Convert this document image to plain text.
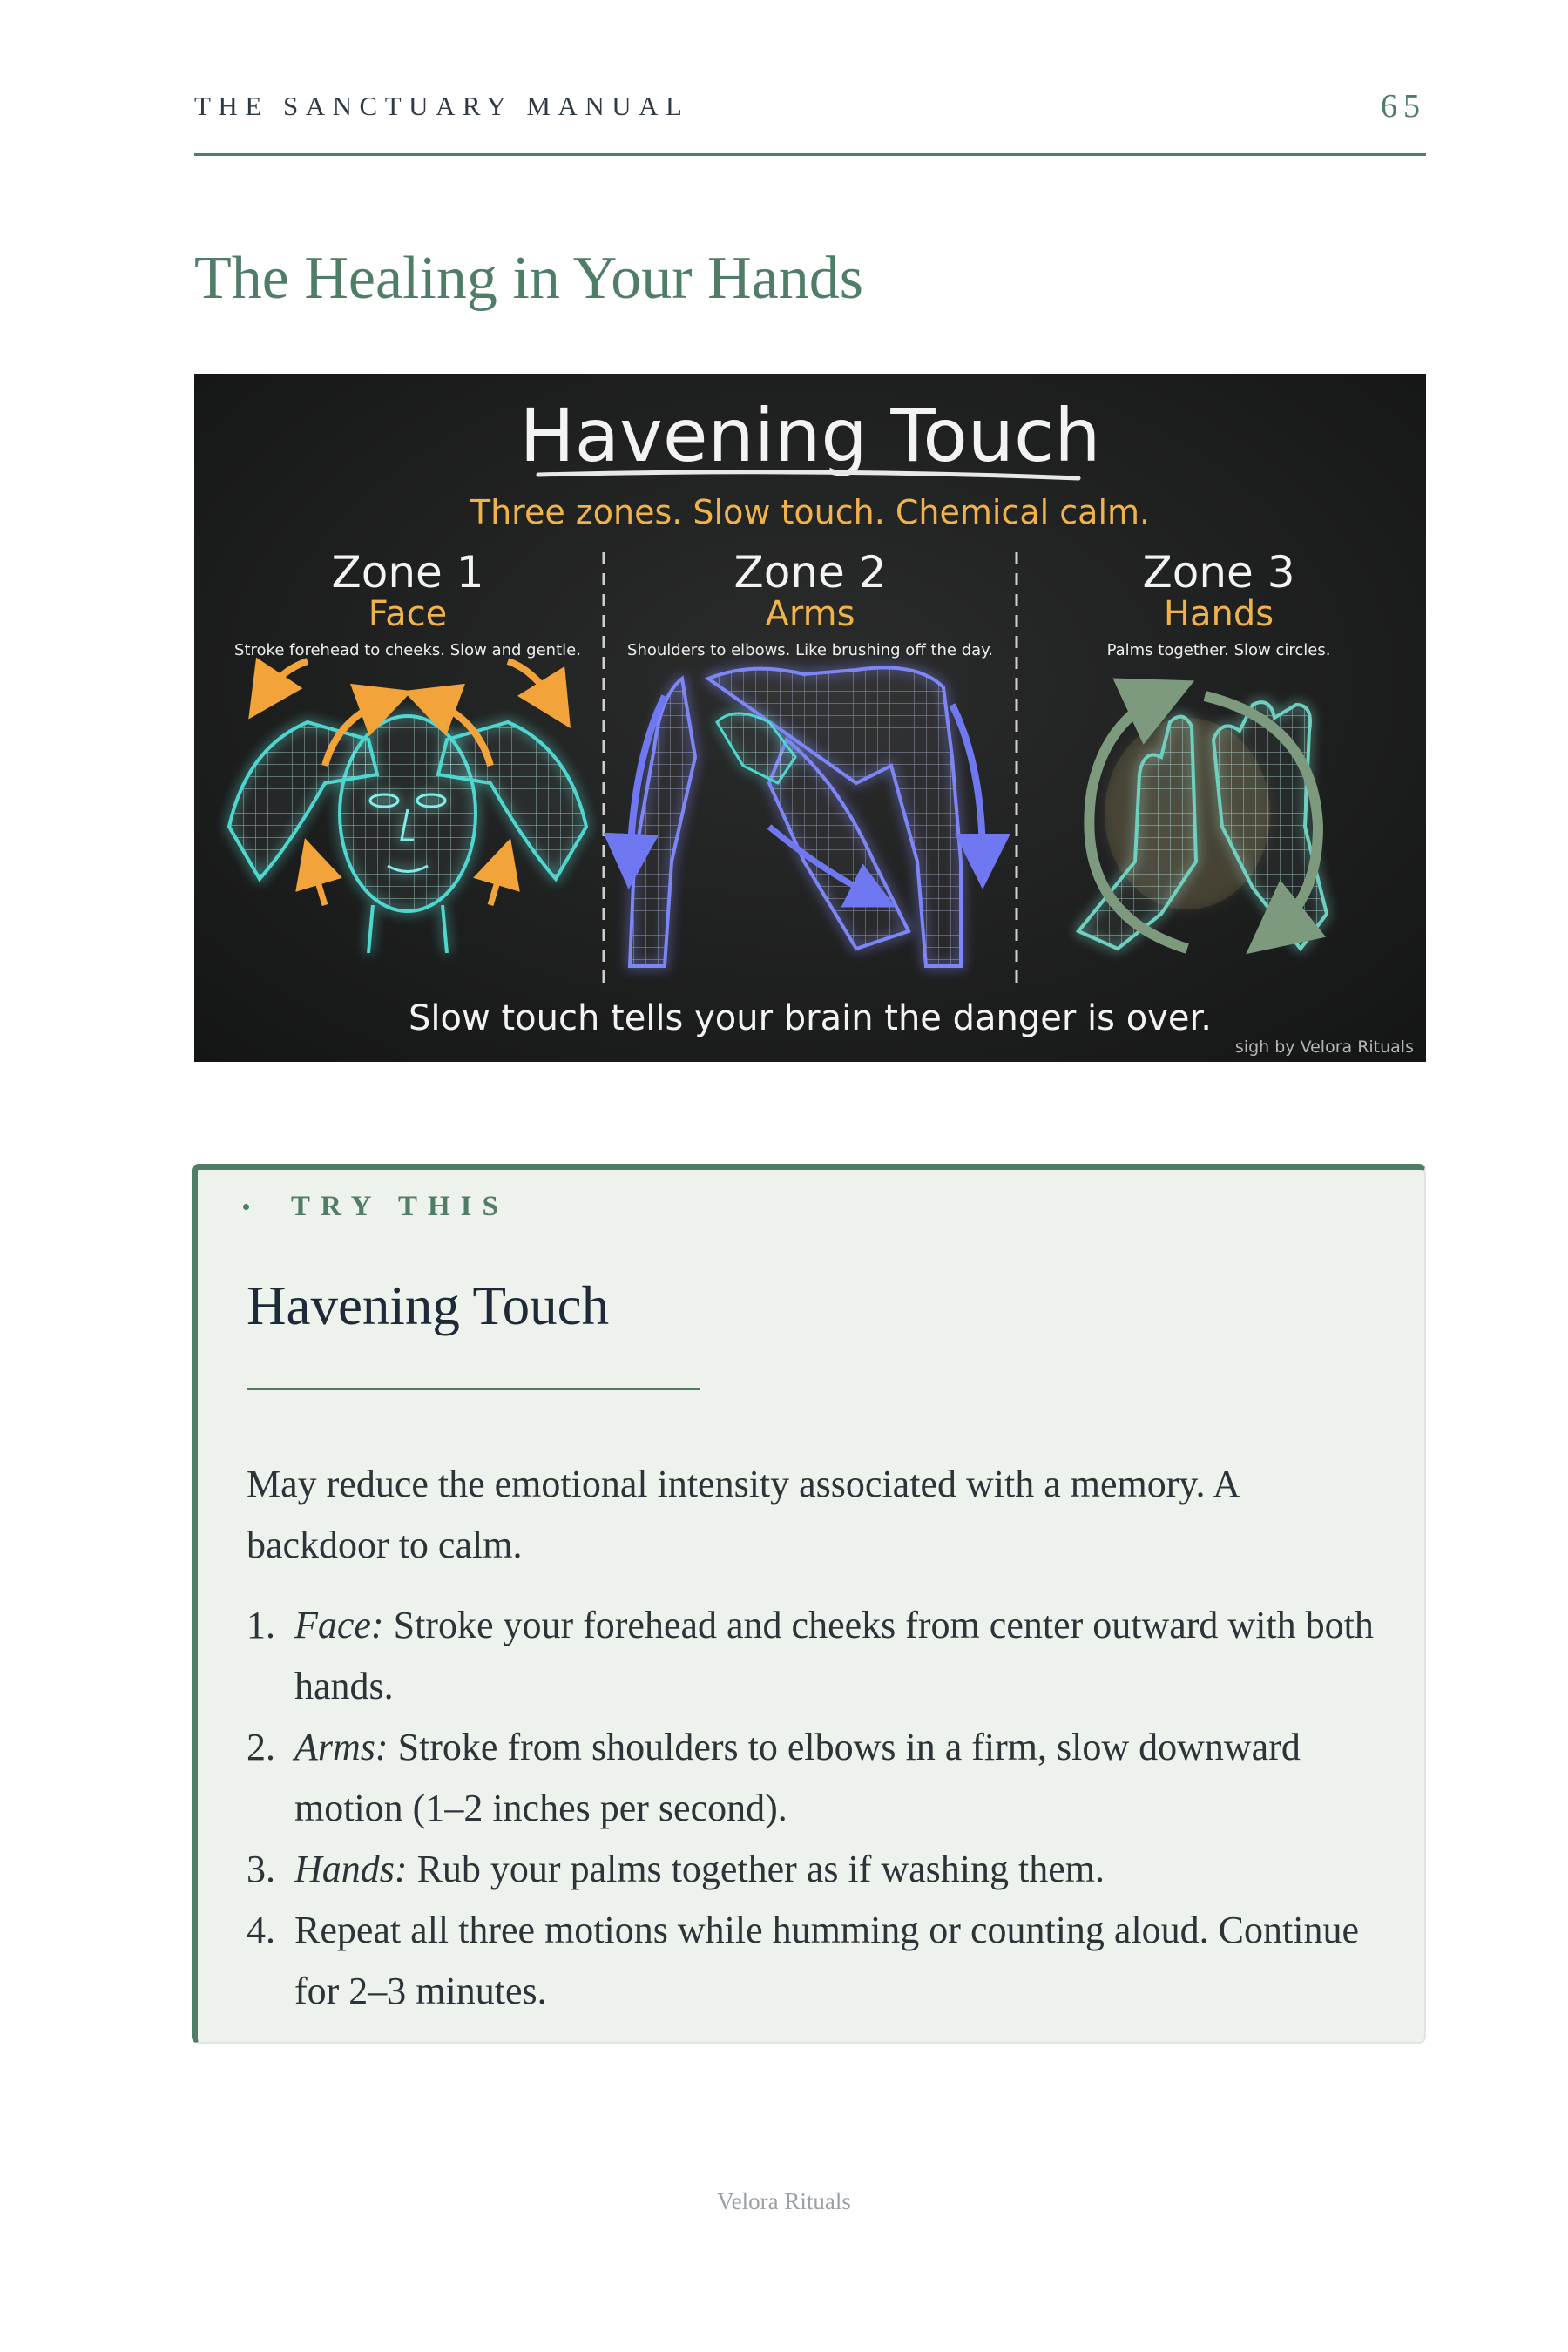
THE SANCTUARY MANUAL	65
The Healing in Your Hands
Havening Touch
Three zones. Slow touch. Chemical calm.
Zone 1
Face
Stroke forehead to cheeks. Slow and gentle.
Zone 2
Arms
Shoulders to elbows. Like brushing off the day.
Zone 3
Hands
Palms together. Slow circles.
Slow touch tells your brain the danger is over.
sigh by Velora Rituals
TRY THIS
Havening Touch

May reduce the emotional intensity associated with a memory. A backdoor to calm.

1. Face: Stroke your forehead and cheeks from center outward with both hands.
2. Arms: Stroke from shoulders to elbows in a firm, slow downward motion (1–2 inches per second).
3. Hands: Rub your palms together as if washing them.
4. Repeat all three motions while humming or counting aloud. Continue for 2–3 minutes.
Velora Rituals
